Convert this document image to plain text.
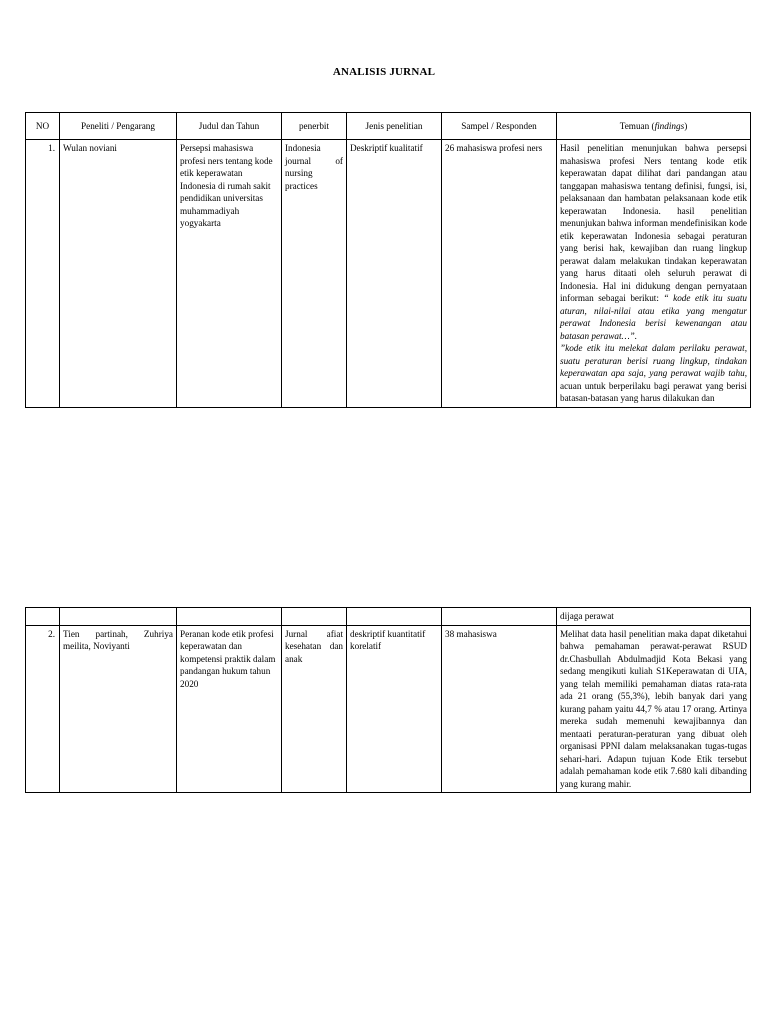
ANALISIS JURNAL
NO	Peneliti / Pengarang	Judul dan Tahun	penerbit	Jenis penelitian	Sampel / Responden	Temuan (findings)
1.	Wulan noviani	Persepsi mahasiswa profesi ners tentang kode etik keperawatan Indonesia di rumah sakit pendidikan universitas muhammadiyah yogyakarta	Indonesia journal of nursing practices	Deskriptif kualitatif	26 mahasiswa profesi ners	Hasil penelitian menunjukan bahwa persepsi mahasiswa profesi Ners tentang kode etik keperawatan dapat dilihat dari pandangan atau tanggapan mahasiswa tentang definisi, fungsi, isi, pelaksanaan dan hambatan pelaksanaan kode etik keperawatan Indonesia. hasil penelitian menunjukan bahwa informan mendefinisikan kode etik keperawatan Indonesia sebagai peraturan yang berisi hak, kewajiban dan ruang lingkup perawat dalam melakukan tindakan keperawatan yang harus ditaati oleh seluruh perawat di Indonesia. Hal ini didukung dengan pernyataan informan sebagai berikut: “ kode etik itu suatu aturan, nilai-nilai atau etika yang mengatur perawat Indonesia berisi kewenangan atau batasan perawat…”.
”kode etik itu melekat dalam perilaku perawat, suatu peraturan berisi ruang lingkup, tindakan keperawatan apa saja, yang perawat wajib tahu, acuan untuk berperilaku bagi perawat yang berisi batasan-batasan yang harus dilakukan dan
						dijaga perawat
2.	Tien partinah, Zuhriya meilita, Noviyanti	Peranan kode etik profesi keperawatan dan kompetensi praktik dalam pandangan hukum tahun 2020	Jurnal afiat kesehatan dan anak	deskriptif kuantitatif korelatif	38 mahasiswa	Melihat data hasil penelitian maka dapat diketahui bahwa pemahaman perawat-perawat RSUD dr.Chasbullah Abdulmadjid Kota Bekasi yang sedang mengikuti kuliah S1Keperawatan di UIA, yang telah memiliki pemahaman diatas rata-rata ada 21 orang (55,3%), lebih banyak dari yang kurang paham yaitu 44,7 % atau 17 orang. Artinya mereka sudah memenuhi kewajibannya dan mentaati peraturan-peraturan yang dibuat oleh organisasi PPNI dalam melaksanakan tugas-tugas sehari-hari. Adapun tujuan Kode Etik tersebut adalah pemahaman kode etik 7.680 kali dibanding yang kurang mahir.
